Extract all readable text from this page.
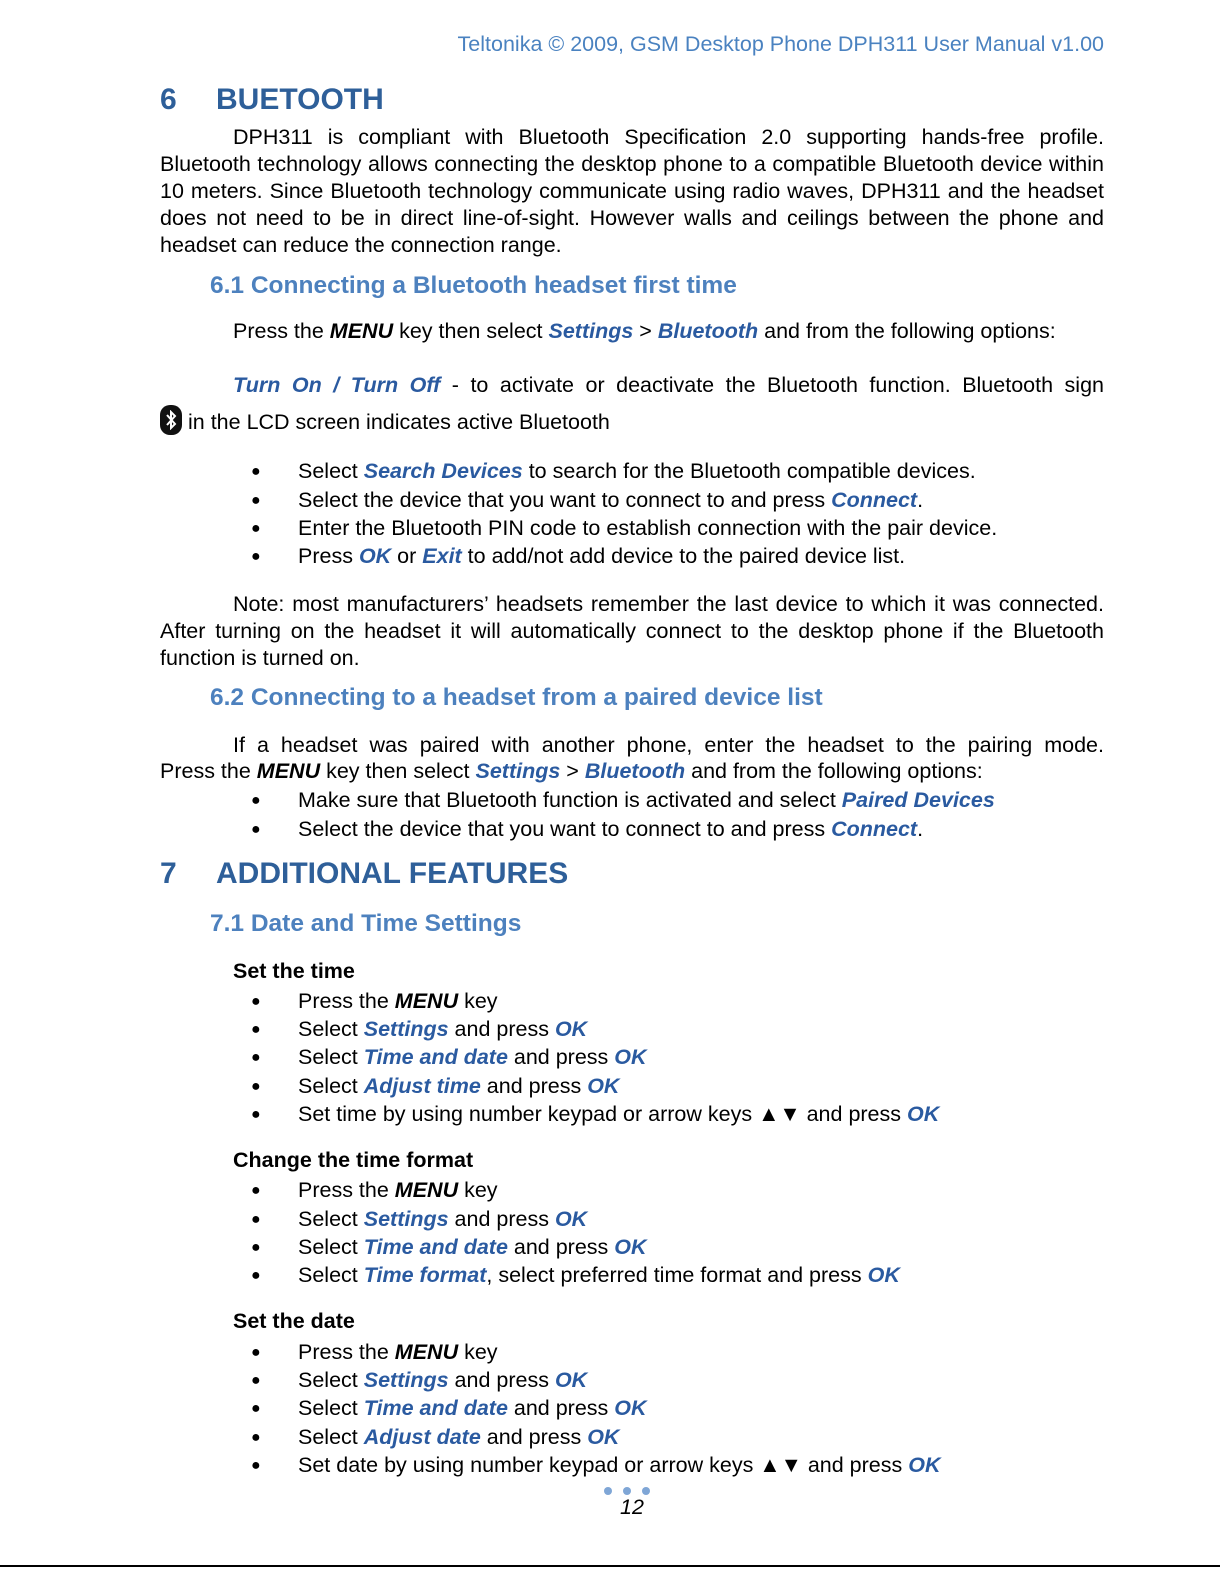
Teltonika © 2009, GSM Desktop Phone DPH311 User Manual v1.00
6 BUETOOTH
DPH311 is compliant with Bluetooth Specification 2.0 supporting hands-free profile. Bluetooth technology allows connecting the desktop phone to a compatible Bluetooth device within 10 meters. Since Bluetooth technology communicate using radio waves, DPH311 and the headset does not need to be in direct line-of-sight. However walls and ceilings between the phone and headset can reduce the connection range.
6.1 Connecting a Bluetooth headset first time
Press the MENU key then select Settings > Bluetooth and from the following options:
Turn On / Turn Off - to activate or deactivate the Bluetooth function. Bluetooth sign
in the LCD screen indicates active Bluetooth
● Select Search Devices to search for the Bluetooth compatible devices.
● Select the device that you want to connect to and press Connect.
● Enter the Bluetooth PIN code to establish connection with the pair device.
● Press OK or Exit to add/not add device to the paired device list.
Note: most manufacturers’ headsets remember the last device to which it was connected. After turning on the headset it will automatically connect to the desktop phone if the Bluetooth function is turned on.
6.2 Connecting to a headset from a paired device list
If a headset was paired with another phone, enter the headset to the pairing mode.
Press the MENU key then select Settings > Bluetooth and from the following options:
● Make sure that Bluetooth function is activated and select Paired Devices
● Select the device that you want to connect to and press Connect.
7 ADDITIONAL FEATURES
7.1 Date and Time Settings
Set the time
● Press the MENU key
● Select Settings and press OK
● Select Time and date and press OK
● Select Adjust time and press OK
● Set time by using number keypad or arrow keys ▲▼ and press OK
Change the time format
● Press the MENU key
● Select Settings and press OK
● Select Time and date and press OK
● Select Time format, select preferred time format and press OK
Set the date
● Press the MENU key
● Select Settings and press OK
● Select Time and date and press OK
● Select Adjust date and press OK
● Set date by using number keypad or arrow keys ▲▼ and press OK
12
